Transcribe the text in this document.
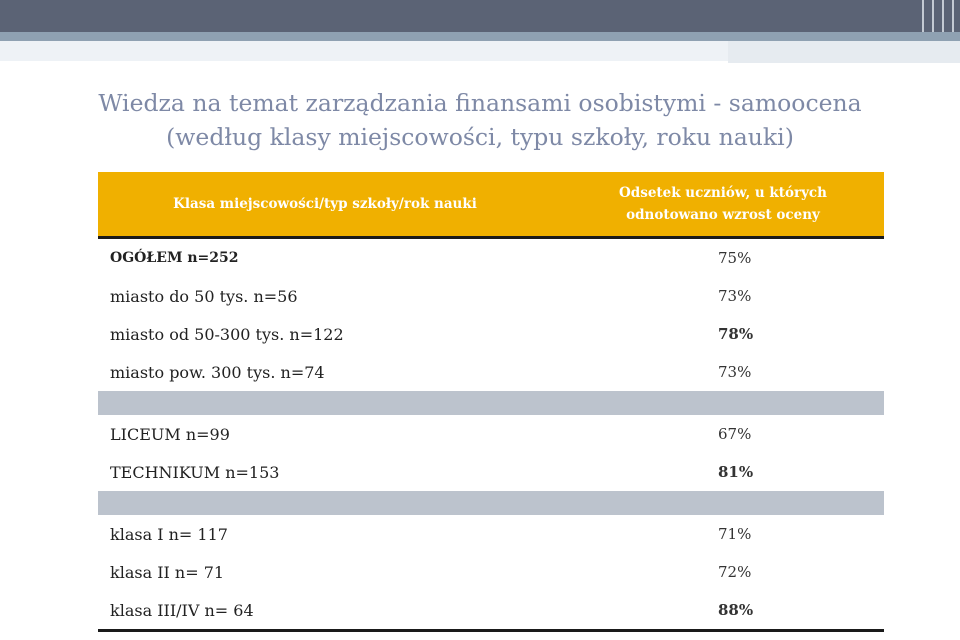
Wiedza na temat zarządzania finansami osobistymi - samoocena
(według klasy miejscowości, typu szkoły, roku nauki)
Klasa miejscowości/typ szkoły/rok nauki	Odsetek uczniów, u których
odnotowano wzrost oceny
OGÓŁEM n=252	75%
miasto do 50 tys. n=56	73%
miasto od 50-300 tys. n=122	78%
miasto pow. 300 tys. n=74	73%

LICEUM n=99	67%
TECHNIKUM n=153	81%

klasa I n= 117	71%
klasa II n= 71	72%
klasa III/IV n= 64	88%
